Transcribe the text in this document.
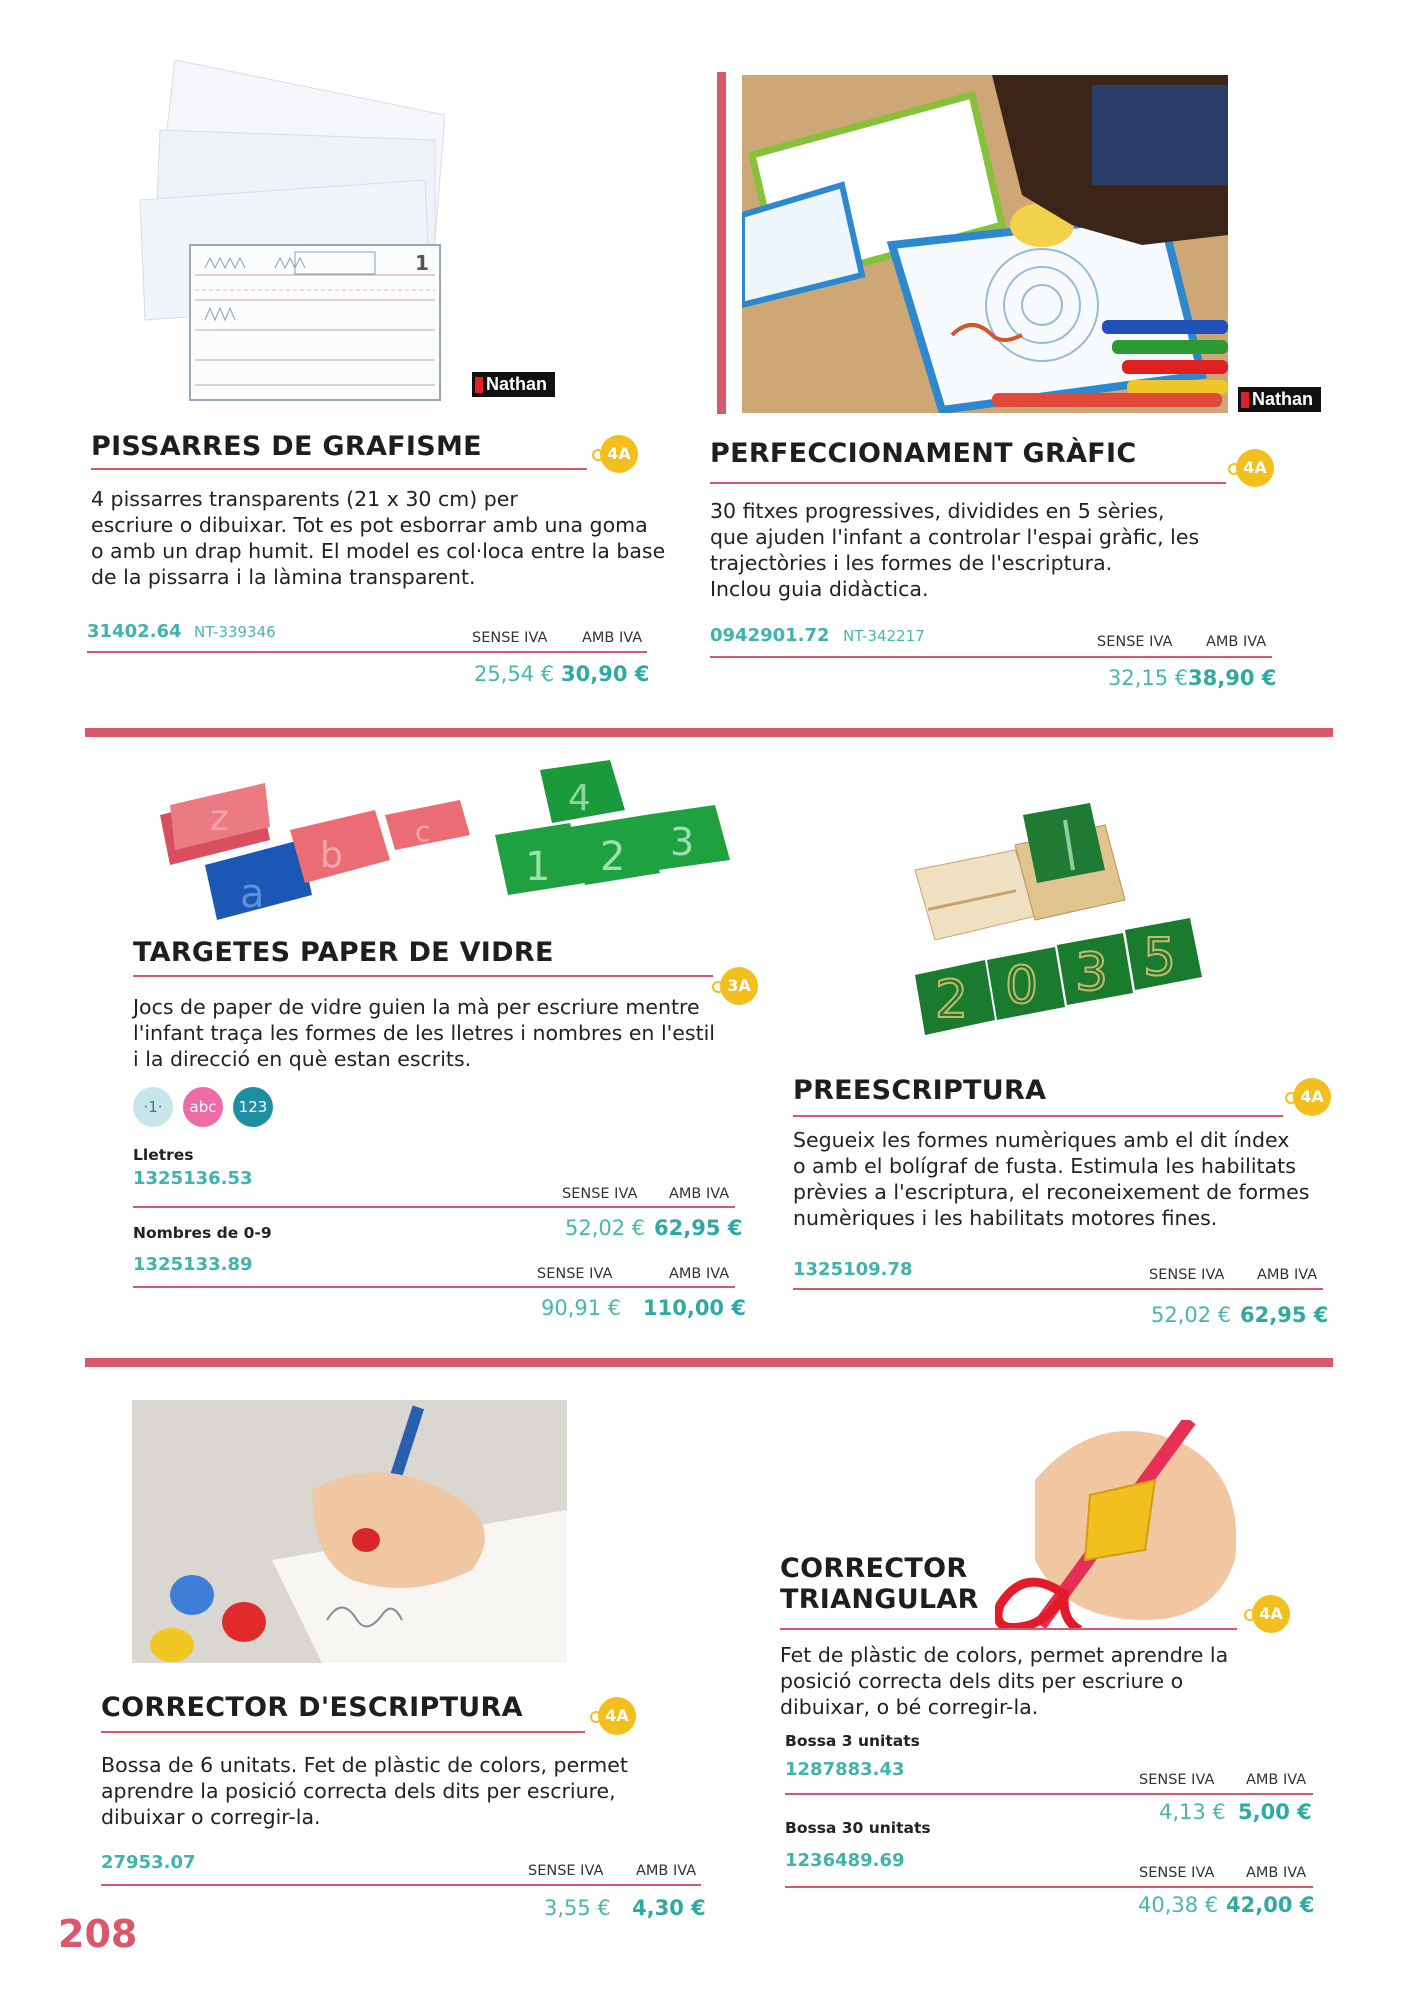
1
Nathan
PISSARRES DE GRAFISME	4A
4 pissarres transparents (21 x 30 cm) per
escriure o dibuixar. Tot es pot esborrar amb una goma
o amb un drap humit. El model es col·loca entre la base
de la pissarra i la làmina transparent.
31402.64 NT-339346	SENSE IVA AMB IVA
25,54 € 30,90 €
Nathan
PERFECCIONAMENT GRÀFIC	4A
30 fitxes progressives, dividides en 5 sèries,
que ajuden l'infant a controlar l'espai gràfic, les
trajectòries i les formes de l'escriptura.
Inclou guia didàctica.
0942901.72 NT-342217	SENSE IVA AMB IVA
32,15 € 38,90 €
z
a
b
c
4
1 2 3
TARGETES PAPER DE VIDRE
3A
Jocs de paper de vidre guien la mà per escriure mentre
l'infant traça les formes de les lletres i nombres en l'estil
i la direcció en què estan escrits.
·1·	abc	123
Lletres
1325136.53
SENSE IVA AMB IVA
52,02 € 62,95 €
Nombres de 0-9
1325133.89	SENSE IVA	AMB IVA
90,91 € 110,00 €
2 0 3 5
PREESCRIPTURA	4A
Segueix les formes numèriques amb el dit índex
o amb el bolígraf de fusta. Estimula les habilitats
prèvies a l'escriptura, el reconeixement de formes
numèriques i les habilitats motores fines.
1325109.78	SENSE IVA AMB IVA
52,02 € 62,95 €
CORRECTOR D'ESCRIPTURA	4A
Bossa de 6 unitats. Fet de plàstic de colors, permet
aprendre la posició correcta dels dits per escriure,
dibuixar o corregir-la.
27953.07	SENSE IVA AMB IVA
3,55 € 4,30 €
CORRECTOR
TRIANGULAR	4A
Fet de plàstic de colors, permet aprendre la
posició correcta dels dits per escriure o
dibuixar, o bé corregir-la.
Bossa 3 unitats
1287883.43	SENSE IVA AMB IVA
4,13 € 5,00 €
Bossa 30 unitats
1236489.69
SENSE IVA AMB IVA
40,38 € 42,00 €
208
